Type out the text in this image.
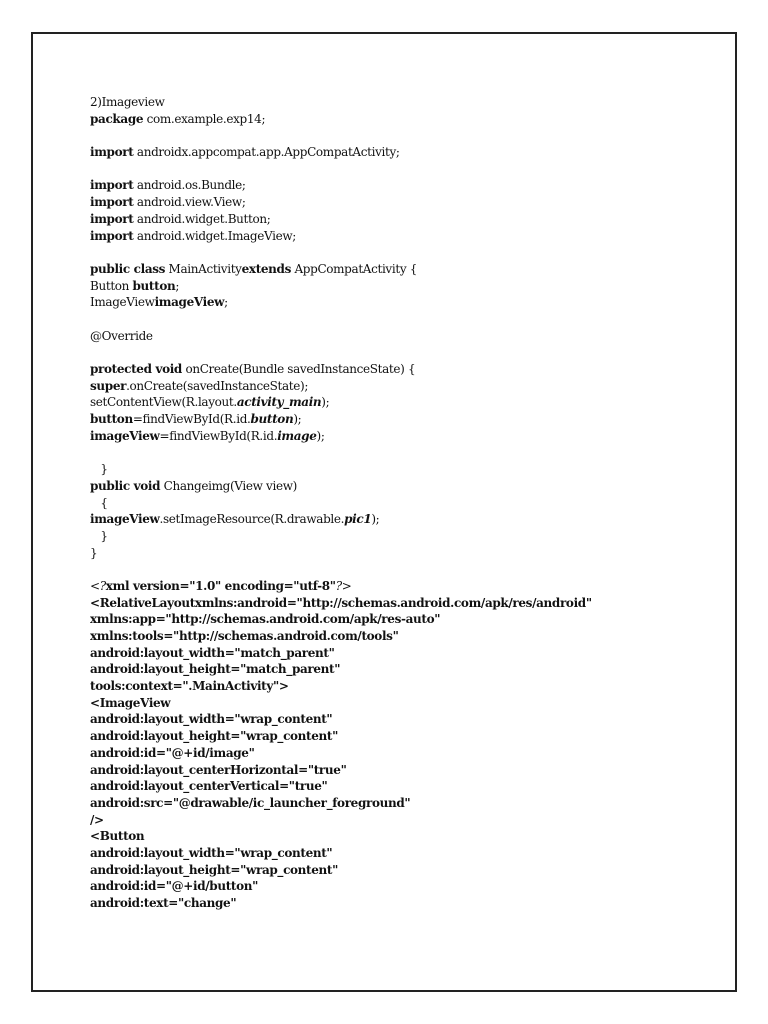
2)Imageview
package com.example.exp14;
import androidx.appcompat.app.AppCompatActivity;
import android.os.Bundle;
import android.view.View;
import android.widget.Button;
import android.widget.ImageView;
public class MainActivityextends AppCompatActivity {
Button button;
ImageViewimageView;
@Override
protected void onCreate(Bundle savedInstanceState) {
super.onCreate(savedInstanceState);
setContentView(R.layout.activity_main);
button=findViewById(R.id.button);
imageView=findViewById(R.id.image);
}
public void Changeimg(View view)
{
imageView.setImageResource(R.drawable.pic1);
}
}
<?xml version="1.0" encoding="utf-8"?>
<RelativeLayoutxmlns:android="http://schemas.android.com/apk/res/android"
xmlns:app="http://schemas.android.com/apk/res-auto"
xmlns:tools="http://schemas.android.com/tools"
android:layout_width="match_parent"
android:layout_height="match_parent"
tools:context=".MainActivity">
<ImageView
android:layout_width="wrap_content"
android:layout_height="wrap_content"
android:id="@+id/image"
android:layout_centerHorizontal="true"
android:layout_centerVertical="true"
android:src="@drawable/ic_launcher_foreground"
/>
<Button
android:layout_width="wrap_content"
android:layout_height="wrap_content"
android:id="@+id/button"
android:text="change"
